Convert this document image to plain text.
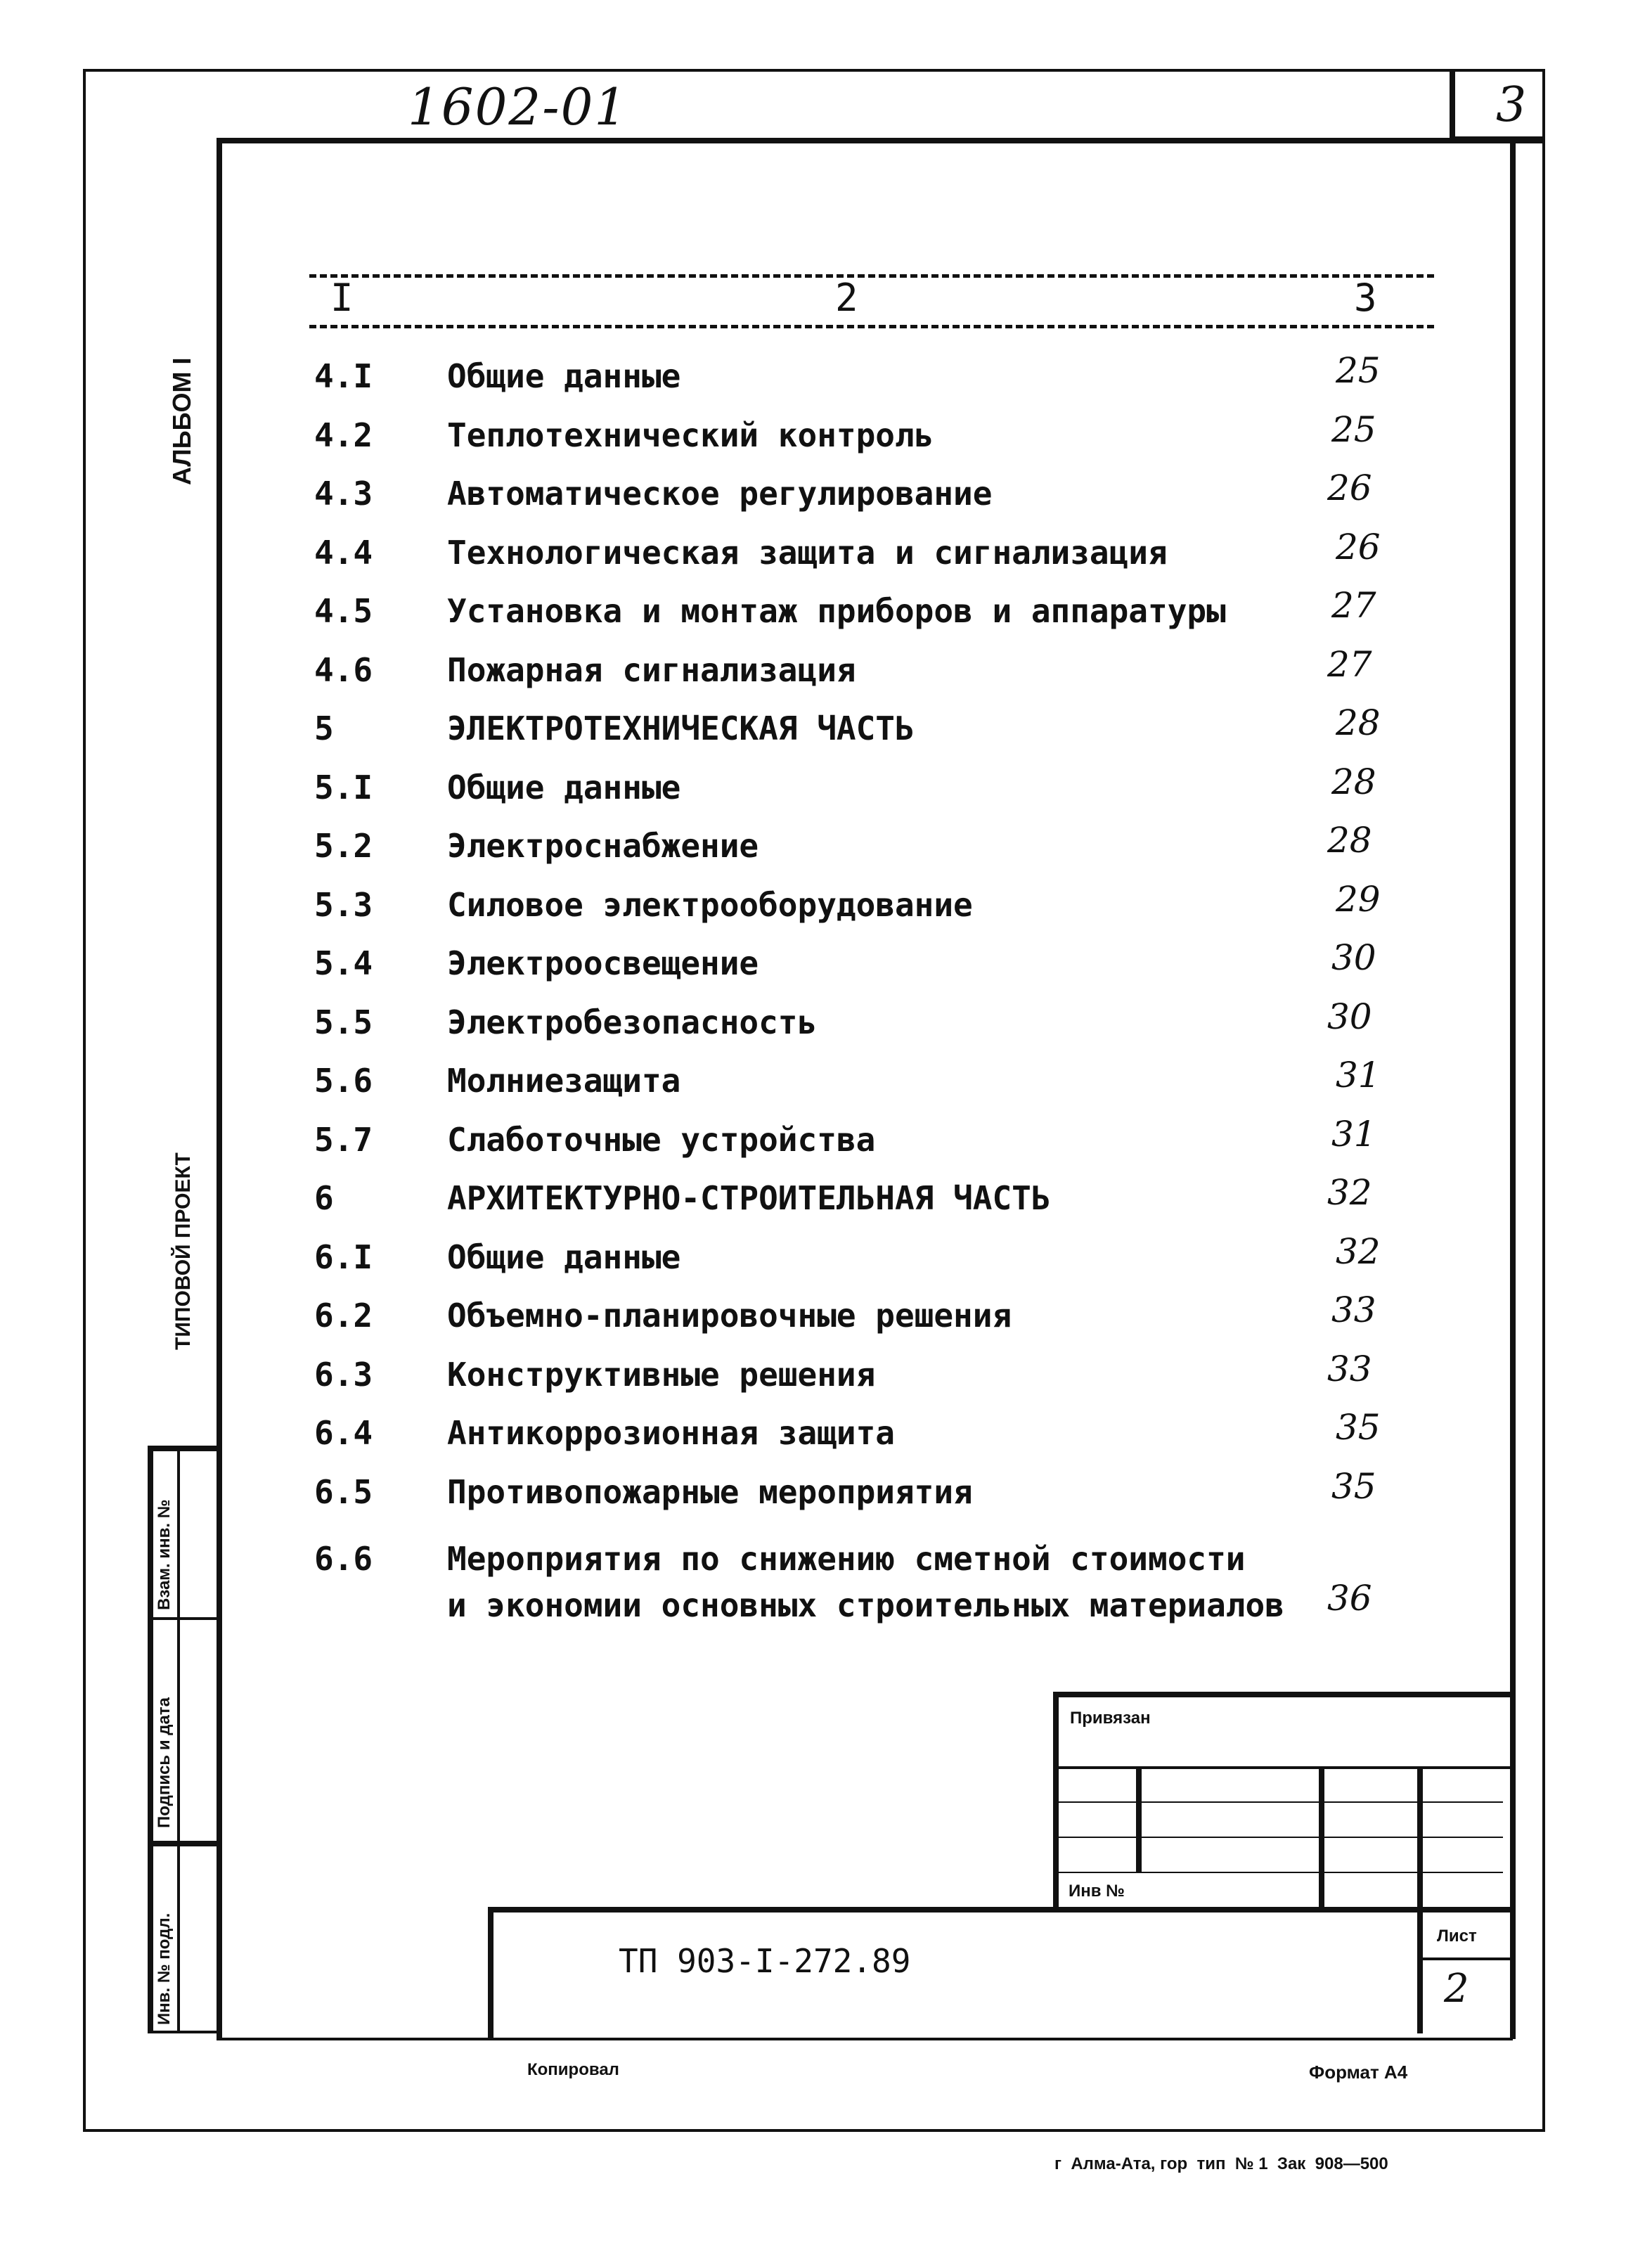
1602-01	3
I	2	3
4.I Общие данные	25
4.2 Теплотехнический контроль	25
4.3 Автоматическое регулирование	26
4.4 Технологическая защита и сигнализация	26
4.5 Установка и монтаж приборов и аппаратуры	27
4.6 Пожарная сигнализация	27
5	ЭЛЕКТРОТЕХНИЧЕСКАЯ ЧАСТЬ	28
5.I Общие данные	28
5.2 Электроснабжение	28
5.3 Силовое электрооборудование	29
5.4 Электроосвещение	30
5.5 Электробезопасность	30
5.6 Молниезащита	31
5.7 Слаботочные устройства	31
6	АРХИТЕКТУРНО-СТРОИТЕЛЬНАЯ ЧАСТЬ	32
6.I Общие данные	32
6.2 Объемно-планировочные решения	33
6.3 Конструктивные решения	33
6.4 Антикоррозионная защита	35
6.5 Противопожарные мероприятия	35
6.6 Мероприятия по снижению сметной стоимости
и экономии основных строительных материалов 36
АЛЬБОМ I
ТИПОВОЙ ПРОЕКТ
Взам. инв. №
Подпись и дата
Инв. № подл.
Привязан
Инв №
ТП 903-I-272.89
Лист
2
Копировал	Формат А4
г  Алма-Ата, гор  тип  № 1  Зак  908—500
